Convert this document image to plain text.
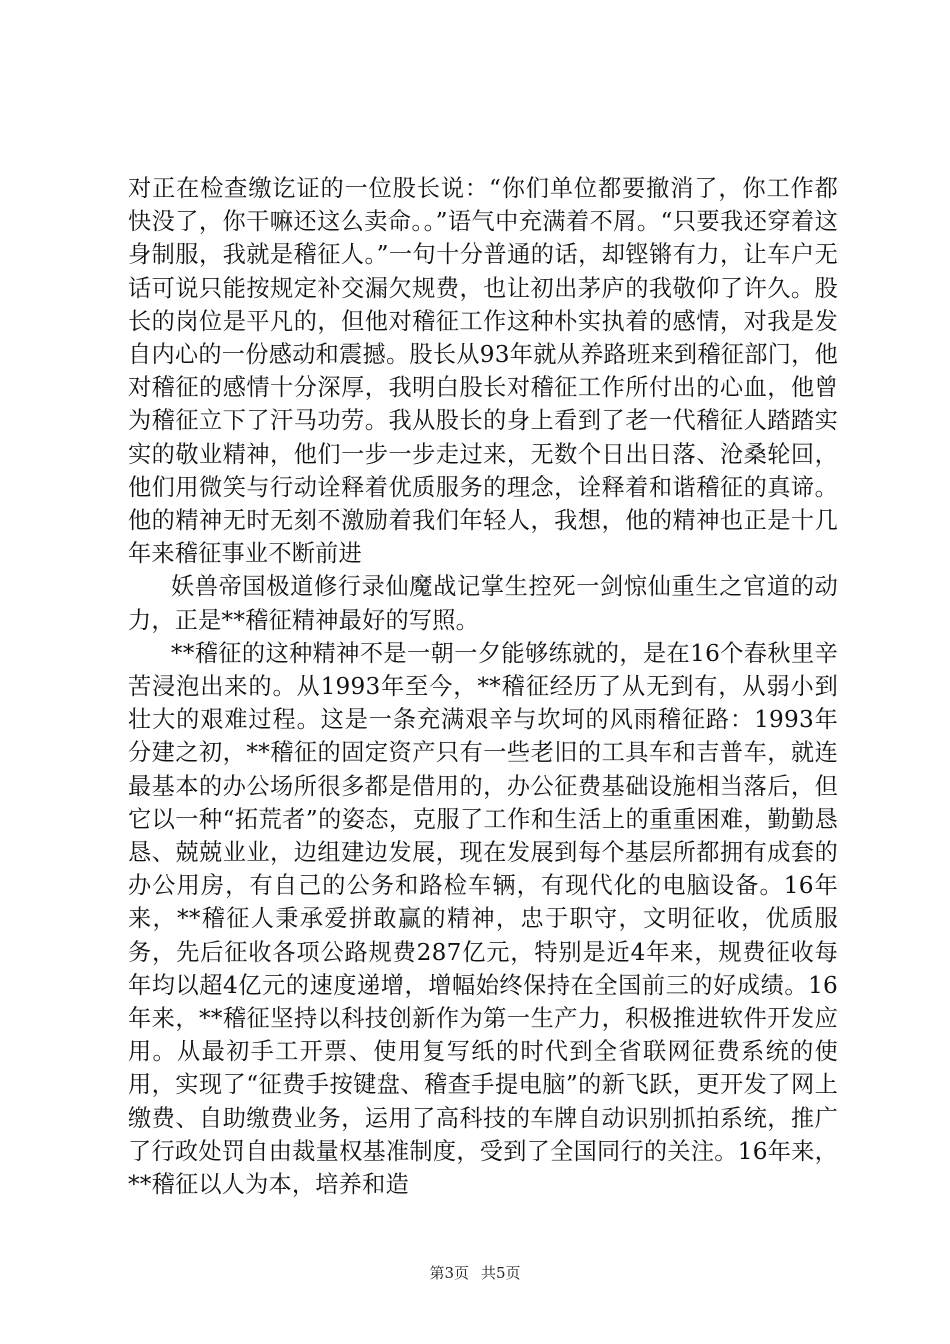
对正在检查缴讫证的一位股长说：“你们单位都要撤消了，你工作都快没了，你干嘛还这么卖命。。”语气中充满着不屑。“只要我还穿着这身制服，我就是稽征人。”一句十分普通的话，却铿锵有力，让车户无话可说只能按规定补交漏欠规费，也让初出茅庐的我敬仰了许久。股长的岗位是平凡的，但他对稽征工作这种朴实执着的感情，对我是发自内心的一份感动和震撼。股长从93年就从养路班来到稽征部门，他对稽征的感情十分深厚，我明白股长对稽征工作所付出的心血，他曾为稽征立下了汗马功劳。我从股长的身上看到了老一代稽征人踏踏实实的敬业精神，他们一步一步走过来，无数个日出日落、沧桑轮回，他们用微笑与行动诠释着优质服务的理念，诠释着和谐稽征的真谛。他的精神无时无刻不激励着我们年轻人，我想，他的精神也正是十几年来稽征事业不断前进

妖兽帝国极道修行录仙魔战记掌生控死一剑惊仙重生之官道的动力，正是**稽征精神最好的写照。

**稽征的这种精神不是一朝一夕能够练就的，是在16个春秋里辛苦浸泡出来的。从1993年至今，**稽征经历了从无到有，从弱小到壮大的艰难过程。这是一条充满艰辛与坎坷的风雨稽征路：1993年分建之初，**稽征的固定资产只有一些老旧的工具车和吉普车，就连最基本的办公场所很多都是借用的，办公征费基础设施相当落后，但它以一种“拓荒者”的姿态，克服了工作和生活上的重重困难，勤勤恳恳、兢兢业业，边组建边发展，现在发展到每个基层所都拥有成套的办公用房，有自己的公务和路检车辆，有现代化的电脑设备。16年来，**稽征人秉承爱拼敢赢的精神，忠于职守，文明征收，优质服务，先后征收各项公路规费287亿元，特别是近4年来，规费征收每年均以超4亿元的速度递增，增幅始终保持在全国前三的好成绩。16年来，**稽征坚持以科技创新作为第一生产力，积极推进软件开发应用。从最初手工开票、使用复写纸的时代到全省联网征费系统的使用，实现了“征费手按键盘、稽查手提电脑”的新飞跃，更开发了网上缴费、自助缴费业务，运用了高科技的车牌自动识别抓拍系统，推广了行政处罚自由裁量权基准制度，受到了全国同行的关注。16年来，**稽征以人为本，培养和造

第3页 共5页
